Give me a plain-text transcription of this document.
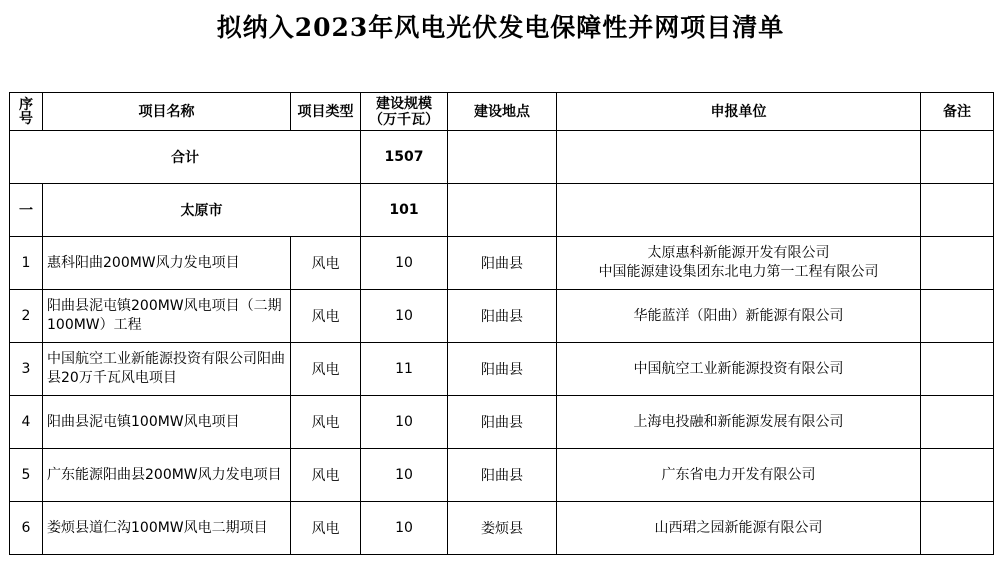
拟纳入2023年风电光伏发电保障性并网项目清单
序号	项目名称	项目类型	建设规模（万千瓦）	建设地点	申报单位	备注
合计			1507			
一	太原市		101			
1	惠科阳曲200MW风力发电项目	风电	10	阳曲县	太原惠科新能源开发有限公司
中国能源建设集团东北电力第一工程有限公司	
2	阳曲县泥屯镇200MW风电项目（二期100MW）工程	风电	10	阳曲县	华能蓝洋（阳曲）新能源有限公司	
3	中国航空工业新能源投资有限公司阳曲县20万千瓦风电项目	风电	11	阳曲县	中国航空工业新能源投资有限公司	
4	阳曲县泥屯镇100MW风电项目	风电	10	阳曲县	上海电投融和新能源发展有限公司	
5	广东能源阳曲县200MW风力发电项目	风电	10	阳曲县	广东省电力开发有限公司	
6	娄烦县道仁沟100MW风电二期项目	风电	10	娄烦县	山西珺之园新能源有限公司	
